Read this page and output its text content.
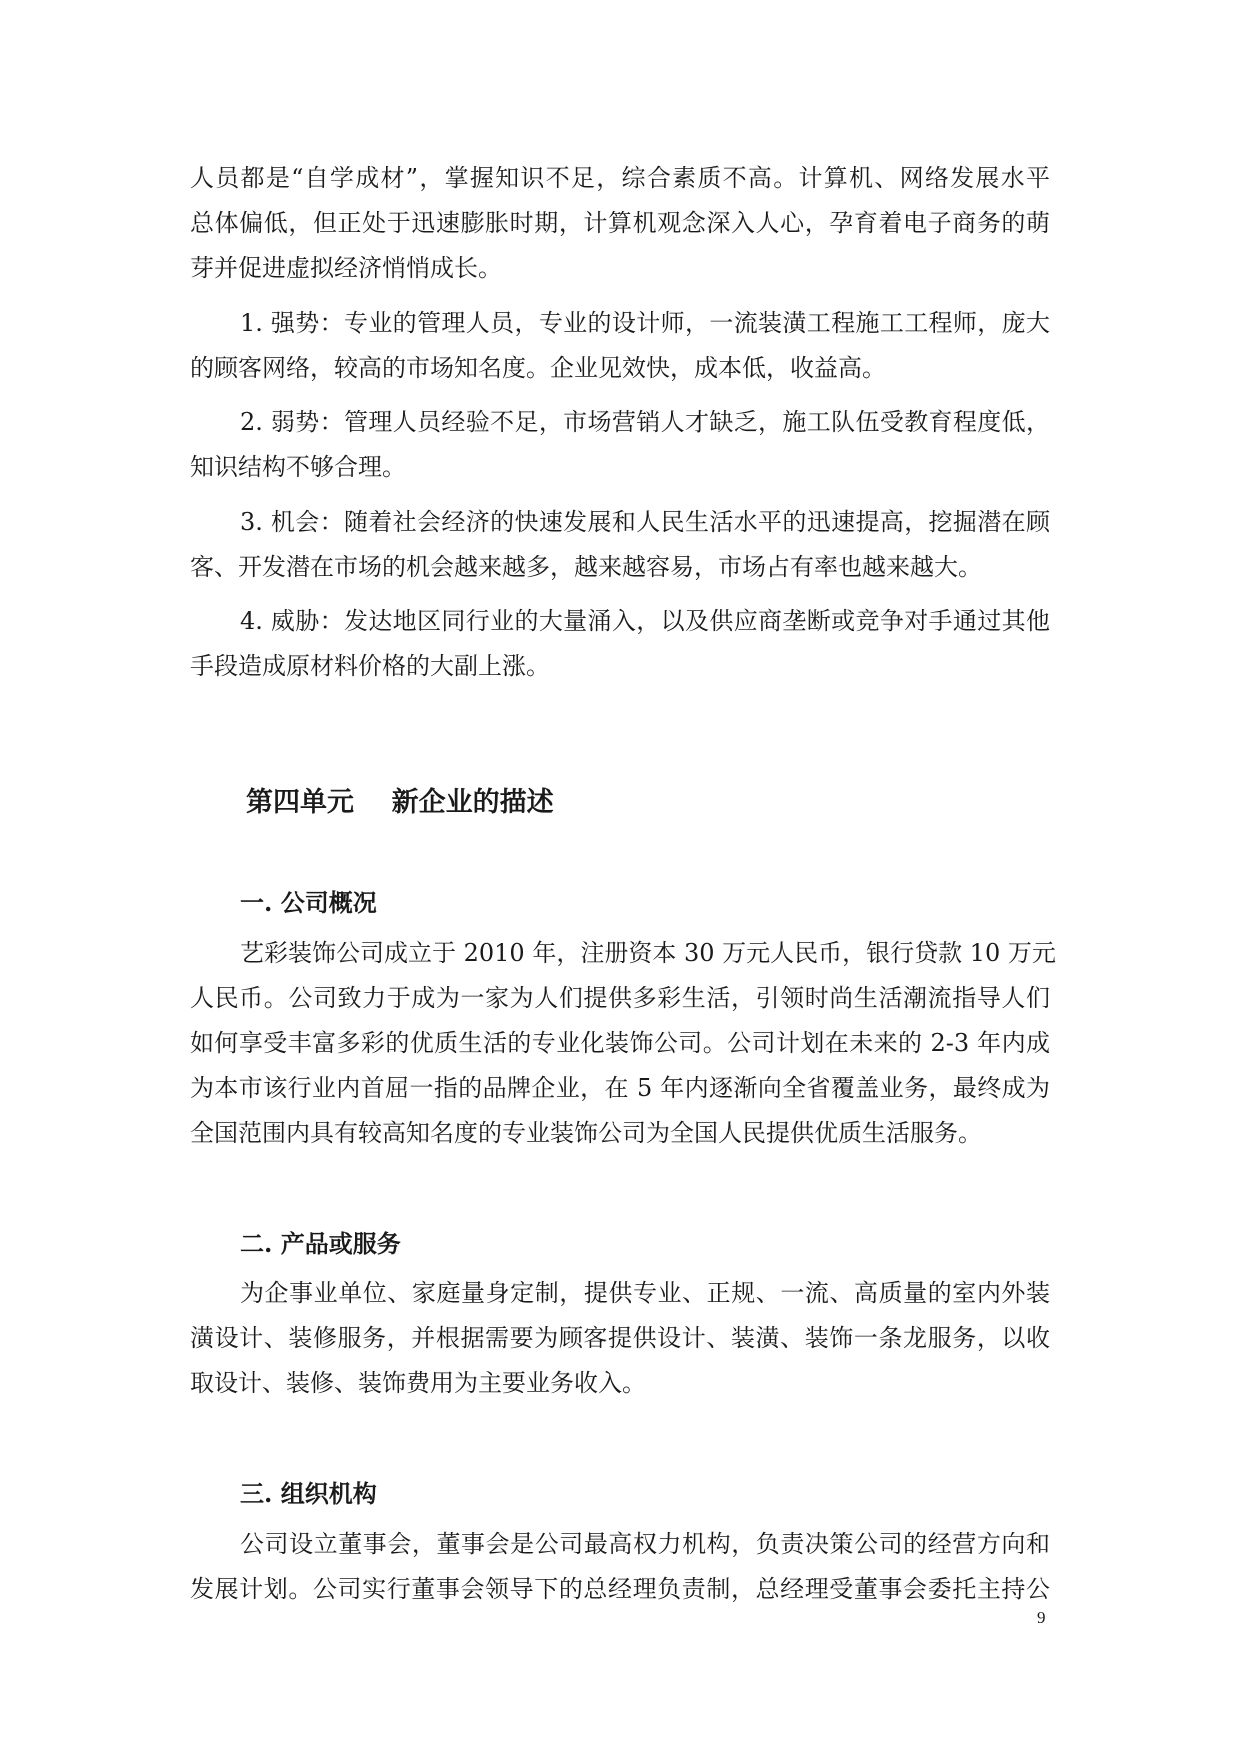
人员都是“自学成材”，掌握知识不足，综合素质不高。计算机、网络发展水平
总体偏低，但正处于迅速膨胀时期，计算机观念深入人心，孕育着电子商务的萌
芽并促进虚拟经济悄悄成长。
1. 强势：专业的管理人员，专业的设计师，一流装潢工程施工工程师，庞大
的顾客网络，较高的市场知名度。企业见效快，成本低，收益高。
2. 弱势：管理人员经验不足，市场营销人才缺乏，施工队伍受教育程度低，
知识结构不够合理。
3. 机会：随着社会经济的快速发展和人民生活水平的迅速提高，挖掘潜在顾
客、开发潜在市场的机会越来越多，越来越容易，市场占有率也越来越大。
4. 威胁：发达地区同行业的大量涌入，以及供应商垄断或竞争对手通过其他
手段造成原材料价格的大副上涨。
第四单元    新企业的描述
一. 公司概况
艺彩装饰公司成立于 2010 年，注册资本 30 万元人民币，银行贷款 10 万元
人民币。公司致力于成为一家为人们提供多彩生活，引领时尚生活潮流指导人们
如何享受丰富多彩的优质生活的专业化装饰公司。公司计划在未来的 2-3 年内成
为本市该行业内首屈一指的品牌企业，在 5 年内逐渐向全省覆盖业务，最终成为
全国范围内具有较高知名度的专业装饰公司为全国人民提供优质生活服务。
二. 产品或服务
为企事业单位、家庭量身定制，提供专业、正规、一流、高质量的室内外装
潢设计、装修服务，并根据需要为顾客提供设计、装潢、装饰一条龙服务，以收
取设计、装修、装饰费用为主要业务收入。
三. 组织机构
公司设立董事会，董事会是公司最高权力机构，负责决策公司的经营方向和
发展计划。公司实行董事会领导下的总经理负责制，总经理受董事会委托主持公
9
